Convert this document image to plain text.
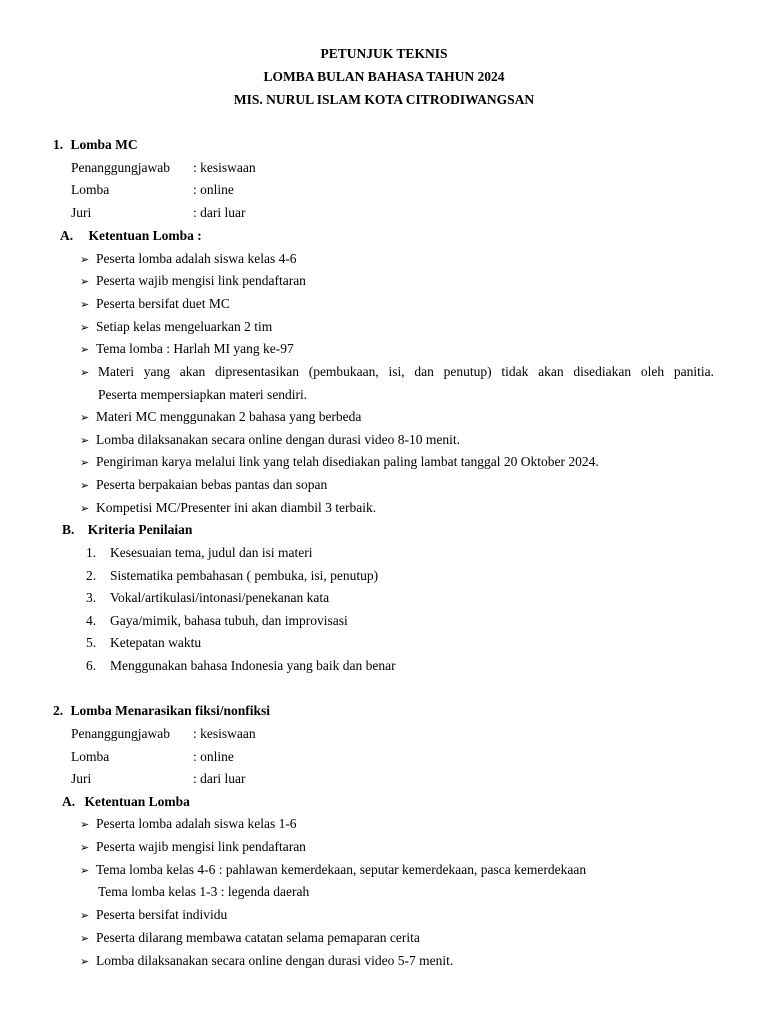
PETUNJUK TEKNIS
LOMBA BULAN BAHASA TAHUN 2024
MIS. NURUL ISLAM KOTA CITRODIWANGSAN
1. Lomba MC
Penanggungjawab : kesiswaan
Lomba	: online
Juri	: dari luar
A. Ketentuan Lomba :
➢ Peserta lomba adalah siswa kelas 4-6
➢ Peserta wajib mengisi link pendaftaran
➢ Peserta bersifat duet MC
➢ Setiap kelas mengeluarkan 2 tim
➢ Tema lomba : Harlah MI yang ke-97
➢ Materi yang akan dipresentasikan (pembukaan, isi, dan penutup) tidak akan disediakan oleh panitia.
Peserta mempersiapkan materi sendiri.
➢ Materi MC menggunakan 2 bahasa yang berbeda
➢ Lomba dilaksanakan secara online dengan durasi video 8-10 menit.
➢ Pengiriman karya melalui link yang telah disediakan paling lambat tanggal 20 Oktober 2024.
➢ Peserta berpakaian bebas pantas dan sopan
➢ Kompetisi MC/Presenter ini akan diambil 3 terbaik.
B. Kriteria Penilaian
1. Kesesuaian tema, judul dan isi materi
2. Sistematika pembahasan ( pembuka, isi, penutup)
3. Vokal/artikulasi/intonasi/penekanan kata
4. Gaya/mimik, bahasa tubuh, dan improvisasi
5. Ketepatan waktu
6. Menggunakan bahasa Indonesia yang baik dan benar
2. Lomba Menarasikan fiksi/nonfiksi
Penanggungjawab : kesiswaan
Lomba	: online
Juri	: dari luar
A. Ketentuan Lomba
➢ Peserta lomba adalah siswa kelas 1-6
➢ Peserta wajib mengisi link pendaftaran
➢ Tema lomba kelas 4-6 : pahlawan kemerdekaan, seputar kemerdekaan, pasca kemerdekaan
Tema lomba kelas 1-3 : legenda daerah
➢ Peserta bersifat individu
➢ Peserta dilarang membawa catatan selama pemaparan cerita
➢ Lomba dilaksanakan secara online dengan durasi video 5-7 menit.
